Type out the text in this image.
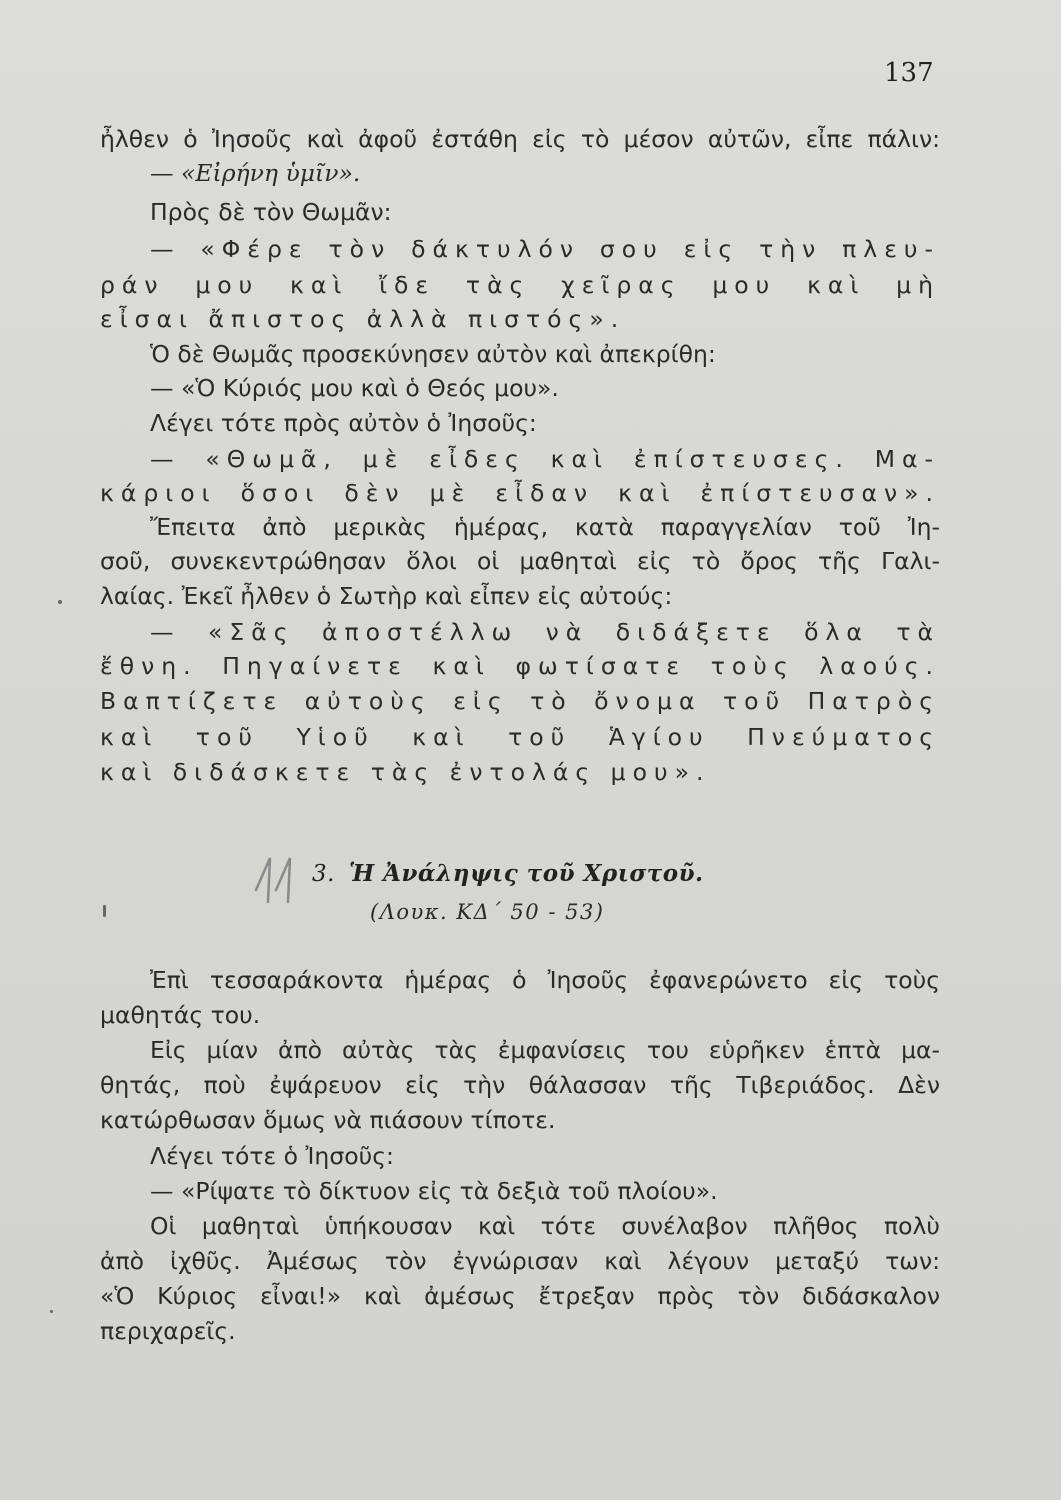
137
ἦλθεν ὁ Ἰησοῦς καὶ ἀφοῦ ἐστάθη εἰς τὸ μέσον αὐτῶν, εἶπε πάλιν:
— «Εἰρήνη ὑμῖν».
Πρὸς δὲ τὸν Θωμᾶν:
— «Φέρε τὸν δάκτυλόν σου εἰς τὴν πλευ-
ράν μου καὶ ἴδε τὰς χεῖρας μου καὶ μὴ
εἶσαι ἄπιστος ἀλλὰ πιστός».
Ὁ δὲ Θωμᾶς προσεκύνησεν αὐτὸν καὶ ἀπεκρίθη:
— «Ὁ Κύριός μου καὶ ὁ Θεός μου».
Λέγει τότε πρὸς αὐτὸν ὁ Ἰησοῦς:
— «Θωμᾶ, μὲ εἶδες καὶ ἐπίστευσες. Μα-
κάριοι ὅσοι δὲν μὲ εἶδαν καὶ ἐπίστευσαν».
Ἔπειτα ἀπὸ μερικὰς ἡμέρας, κατὰ παραγγελίαν τοῦ Ἰη-
σοῦ, συνεκεντρώθησαν ὅλοι οἱ μαθηταὶ εἰς τὸ ὄρος τῆς Γαλι-
λαίας. Ἐκεῖ ἦλθεν ὁ Σωτὴρ καὶ εἶπεν εἰς αὐτούς:
— «Σᾶς ἀποστέλλω νὰ διδάξετε ὅλα τὰ
ἔθνη. Πηγαίνετε καὶ φωτίσατε τοὺς λαούς.
Βαπτίζετε αὐτοὺς εἰς τὸ ὄνομα τοῦ Πατρὸς
καὶ τοῦ Υἱοῦ καὶ τοῦ Ἁγίου Πνεύματος
καὶ διδάσκετε τὰς ἐντολάς μου».
3. Ἡ Ἀνάληψις τοῦ Χριστοῦ.
(Λουκ. ΚΔ΄ 50 - 53)
Ἐπὶ τεσσαράκοντα ἡμέρας ὁ Ἰησοῦς ἐφανερώνετο εἰς τοὺς
μαθητάς του.
Εἰς μίαν ἀπὸ αὐτὰς τὰς ἐμφανίσεις του εὑρῆκεν ἑπτὰ μα-
θητάς, ποὺ ἐψάρευον εἰς τὴν θάλασσαν τῆς Τιβεριάδος. Δὲν
κατώρθωσαν ὅμως νὰ πιάσουν τίποτε.
Λέγει τότε ὁ Ἰησοῦς:
— «Ρίψατε τὸ δίκτυον εἰς τὰ δεξιὰ τοῦ πλοίου».
Οἱ μαθηταὶ ὑπήκουσαν καὶ τότε συνέλαβον πλῆθος πολὺ
ἀπὸ ἰχθῦς. Ἀμέσως τὸν ἐγνώρισαν καὶ λέγουν μεταξύ των:
«Ὁ Κύριος εἶναι!» καὶ ἀμέσως ἔτρεξαν πρὸς τὸν διδάσκαλον
περιχαρεῖς.
